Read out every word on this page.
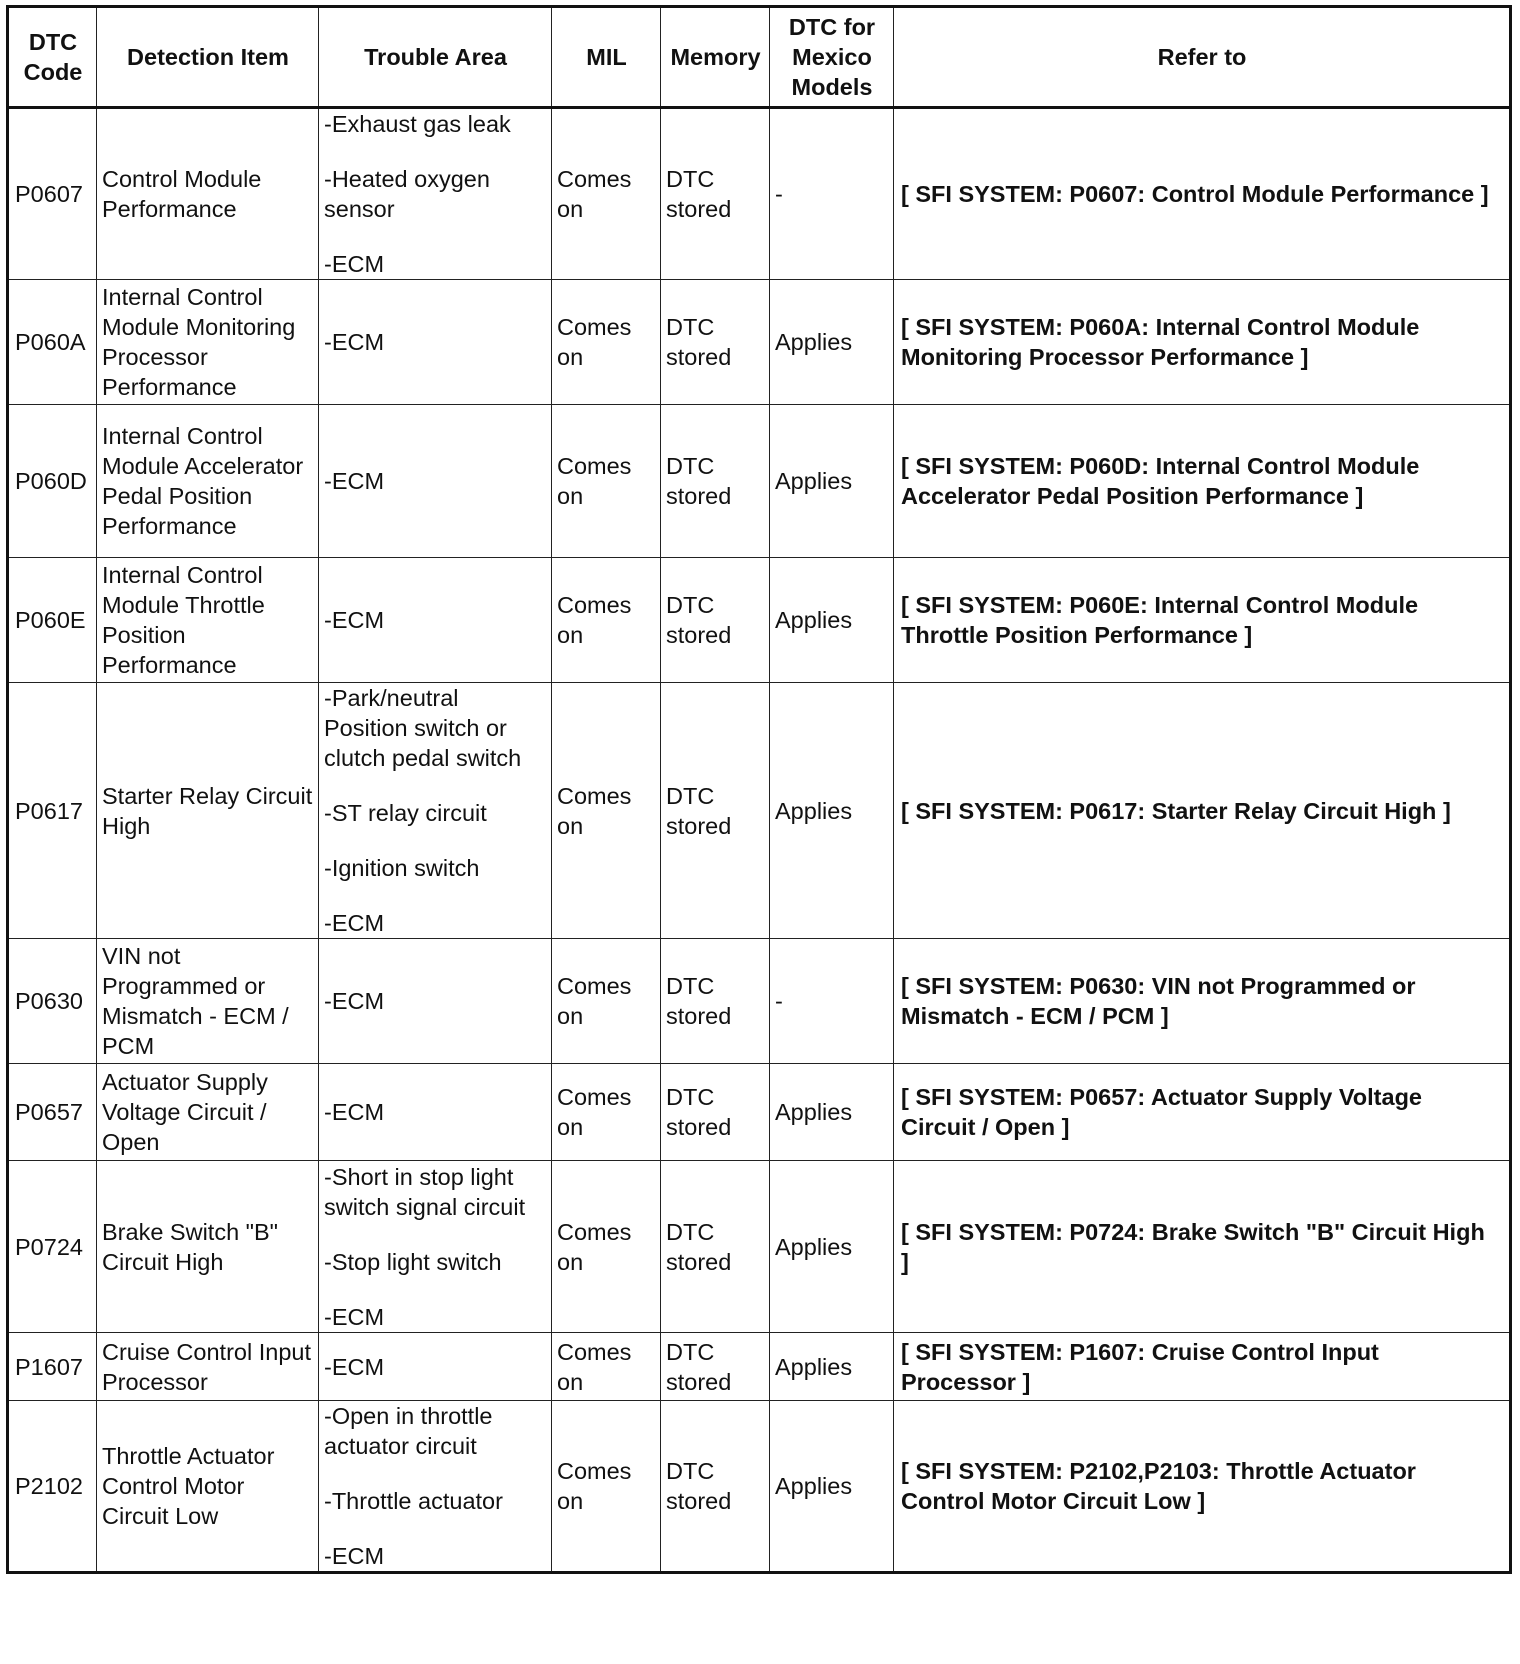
DTC
Code	Detection Item	Trouble Area	MIL	Memory	DTC for
Mexico
Models	Refer to
P0607	Control Module Performance	-Exhaust gas leak
-Heated oxygen sensor
-ECM	Comes on	DTC stored	-	[ SFI SYSTEM: P0607: Control Module Performance ]
P060A	Internal Control Module Monitoring Processor Performance	-ECM	Comes on	DTC stored	Applies	[ SFI SYSTEM: P060A: Internal Control Module Monitoring Processor Performance ]
P060D	Internal Control Module Accelerator Pedal Position Performance	-ECM	Comes on	DTC stored	Applies	[ SFI SYSTEM: P060D: Internal Control Module Accelerator Pedal Position Performance ]
P060E	Internal Control Module Throttle Position Performance	-ECM	Comes on	DTC stored	Applies	[ SFI SYSTEM: P060E: Internal Control Module Throttle Position Performance ]
P0617	Starter Relay Circuit High	-Park/neutral Position switch or clutch pedal switch
-ST relay circuit
-Ignition switch
-ECM	Comes on	DTC stored	Applies	[ SFI SYSTEM: P0617: Starter Relay Circuit High ]
P0630	VIN not Programmed or Mismatch - ECM / PCM	-ECM	Comes on	DTC stored	-	[ SFI SYSTEM: P0630: VIN not Programmed or Mismatch - ECM / PCM ]
P0657	Actuator Supply Voltage Circuit / Open	-ECM	Comes on	DTC stored	Applies	[ SFI SYSTEM: P0657: Actuator Supply Voltage Circuit / Open ]
P0724	Brake Switch "B" Circuit High	-Short in stop light switch signal circuit
-Stop light switch
-ECM	Comes on	DTC stored	Applies	[ SFI SYSTEM: P0724: Brake Switch "B" Circuit High ]
P1607	Cruise Control Input Processor	-ECM	Comes on	DTC stored	Applies	[ SFI SYSTEM: P1607: Cruise Control Input Processor ]
P2102	Throttle Actuator Control Motor Circuit Low	-Open in throttle actuator circuit
-Throttle actuator
-ECM	Comes on	DTC stored	Applies	[ SFI SYSTEM: P2102,P2103: Throttle Actuator Control Motor Circuit Low ]
